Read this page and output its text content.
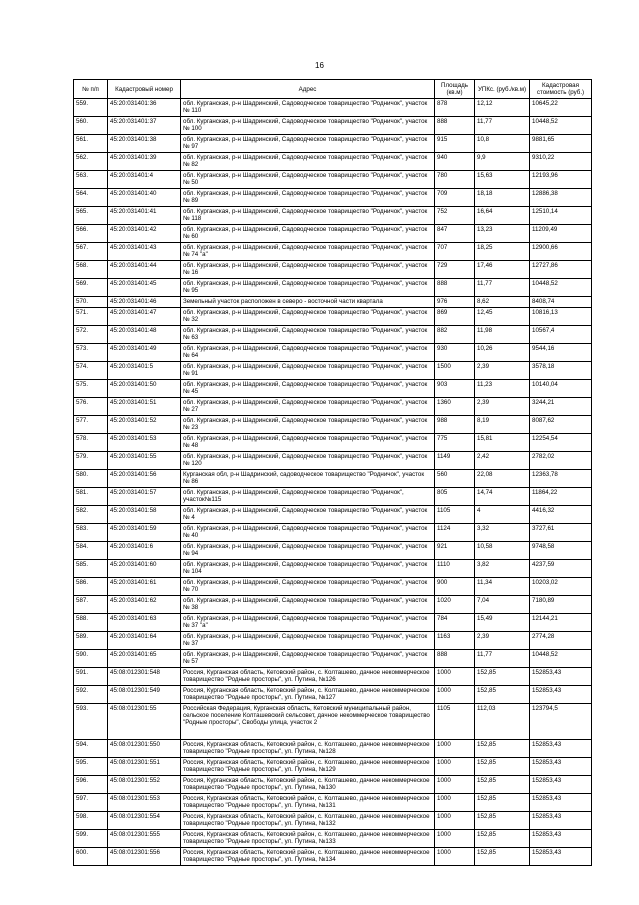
16
№ п/п	Кадастровый номер	Адрес	Площадь (кв.м)	УПКс. (руб./кв.м)	Кадастровая стоимость (руб.)
559.	45:20:031401:36	обл. Курганская, р-н Шадринский, Садоводческое товарищество "Родничок", участок № 110	878	12,12	10645,22
560.	45:20:031401:37	обл. Курганская, р-н Шадринский, Садоводческое товарищество "Родничок", участок № 100	888	11,77	10448,52
561.	45:20:031401:38	обл. Курганская, р-н Шадринский, Садоводческое товарищество "Родничок", участок № 97	915	10,8	9881,65
562.	45:20:031401:39	обл. Курганская, р-н Шадринский, Садоводческое товарищество "Родничок", участок № 82	940	9,9	9310,22
563.	45:20:031401:4	обл. Курганская, р-н Шадринский, Садоводческое товарищество "Родничок", участок № 50	780	15,63	12193,96
564.	45:20:031401:40	обл. Курганская, р-н Шадринский, Садоводческое товарищество "Родничок", участок № 89	709	18,18	12886,38
565.	45:20:031401:41	обл. Курганская, р-н Шадринский, Садоводческое товарищество "Родничок", участок № 118	752	16,64	12510,14
566.	45:20:031401:42	обл. Курганская, р-н Шадринский, Садоводческое товарищество "Родничок", участок № 60	847	13,23	11209,49
567.	45:20:031401:43	обл. Курганская, р-н Шадринский, Садоводческое товарищество "Родничок", участок № 74 "а"	707	18,25	12900,66
568.	45:20:031401:44	обл. Курганская, р-н Шадринский, Садоводческое товарищество "Родничок", участок № 16	729	17,46	12727,86
569.	45:20:031401:45	обл. Курганская, р-н Шадринский, Садоводческое товарищество "Родничок", участок № 95	888	11,77	10448,52
570.	45:20:031401:46	Земельный участок расположен в северо - восточной части квартала	976	8,62	8408,74
571.	45:20:031401:47	обл. Курганская, р-н Шадринский, Садоводческое товарищество "Родничок", участок № 32	869	12,45	10816,13
572.	45:20:031401:48	обл. Курганская, р-н Шадринский, Садоводческое товарищество "Родничок", участок № 63	882	11,98	10567,4
573.	45:20:031401:49	обл. Курганская, р-н Шадринский, Садоводческое товарищество "Родничок", участок № 64	930	10,26	9544,16
574.	45:20:031401:5	обл. Курганская, р-н Шадринский, Садоводческое товарищество "Родничок", участок № 91	1500	2,39	3578,18
575.	45:20:031401:50	обл. Курганская, р-н Шадринский, Садоводческое товарищество "Родничок", участок № 45	903	11,23	10140,04
576.	45:20:031401:51	обл. Курганская, р-н Шадринский, Садоводческое товарищество "Родничок", участок № 27	1360	2,39	3244,21
577.	45:20:031401:52	обл. Курганская, р-н Шадринский, Садоводческое товарищество "Родничок", участок № 23	988	8,19	8087,62
578.	45:20:031401:53	обл. Курганская, р-н Шадринский, Садоводческое товарищество "Родничок", участок № 48	775	15,81	12254,54
579.	45:20:031401:55	обл. Курганская, р-н Шадринский, Садоводческое товарищество "Родничок", участок № 120	1149	2,42	2782,02
580.	45:20:031401:56	Курганская обл, р-н Шадринский, садоводческое товарищество "Родничок", участок № 86	560	22,08	12363,78
581.	45:20:031401:57	обл. Курганская, р-н Шадринский, Садоводческое товарищество "Родничок", участок№115	805	14,74	11864,22
582.	45:20:031401:58	обл. Курганская, р-н Шадринский, Садоводческое товарищество "Родничок", участок № 4	1105	4	4416,32
583.	45:20:031401:59	обл. Курганская, р-н Шадринский, Садоводческое товарищество "Родничок", участок № 40	1124	3,32	3727,61
584.	45:20:031401:6	обл. Курганская, р-н Шадринский, Садоводческое товарищество "Родничок", участок № 94	921	10,58	9748,58
585.	45:20:031401:60	обл. Курганская, р-н Шадринский, Садоводческое товарищество "Родничок", участок № 104	1110	3,82	4237,59
586.	45:20:031401:61	обл. Курганская, р-н Шадринский, Садоводческое товарищество "Родничок", участок № 70	900	11,34	10203,02
587.	45:20:031401:62	обл. Курганская, р-н Шадринский, Садоводческое товарищество "Родничок", участок № 38	1020	7,04	7180,89
588.	45:20:031401:63	обл. Курганская, р-н Шадринский, Садоводческое товарищество "Родничок", участок № 37 "а"	784	15,49	12144,21
589.	45:20:031401:64	обл. Курганская, р-н Шадринский, Садоводческое товарищество "Родничок", участок № 37	1163	2,39	2774,28
590.	45:20:031401:65	обл. Курганская, р-н Шадринский, Садоводческое товарищество "Родничок", участок № 57	888	11,77	10448,52
591.	45:08:012301:548	Россия, Курганская область, Кетовский район, с. Колташево, дачное некоммерческое товарищество "Родные просторы", ул. Путина, №126	1000	152,85	152853,43
592.	45:08:012301:549	Россия, Курганская область, Кетовский район, с. Колташево, дачное некоммерческое товарищество "Родные просторы", ул. Путина, №127	1000	152,85	152853,43
593.	45:08:012301:55	Российская Федерация, Курганская область, Кетовский муниципальный район, сельское поселение Колташевский сельсовет, дачное некоммерческое товарищество "Родные просторы", Свободы улица, участок 2	1105	112,03	123794,5
594.	45:08:012301:550	Россия, Курганская область, Кетовский район, с. Колташево, дачное некоммерческое товарищество "Родные просторы", ул. Путина, №128	1000	152,85	152853,43
595.	45:08:012301:551	Россия, Курганская область, Кетовский район, с. Колташево, дачное некоммерческое товарищество "Родные просторы", ул. Путина, №129	1000	152,85	152853,43
596.	45:08:012301:552	Россия, Курганская область, Кетовский район, с. Колташево, дачное некоммерческое товарищество "Родные просторы", ул. Путина, №130	1000	152,85	152853,43
597.	45:08:012301:553	Россия, Курганская область, Кетовский район, с. Колташево, дачное некоммерческое товарищество "Родные просторы", ул. Путина, №131	1000	152,85	152853,43
598.	45:08:012301:554	Россия, Курганская область, Кетовский район, с. Колташево, дачное некоммерческое товарищество "Родные просторы", ул. Путина, №132	1000	152,85	152853,43
599.	45:08:012301:555	Россия, Курганская область, Кетовский район, с. Колташево, дачное некоммерческое товарищество "Родные просторы", ул. Путина, №133	1000	152,85	152853,43
600.	45:08:012301:556	Россия, Курганская область, Кетовский район, с. Колташево, дачное некоммерческое товарищество "Родные просторы", ул. Путина, №134	1000	152,85	152853,43
